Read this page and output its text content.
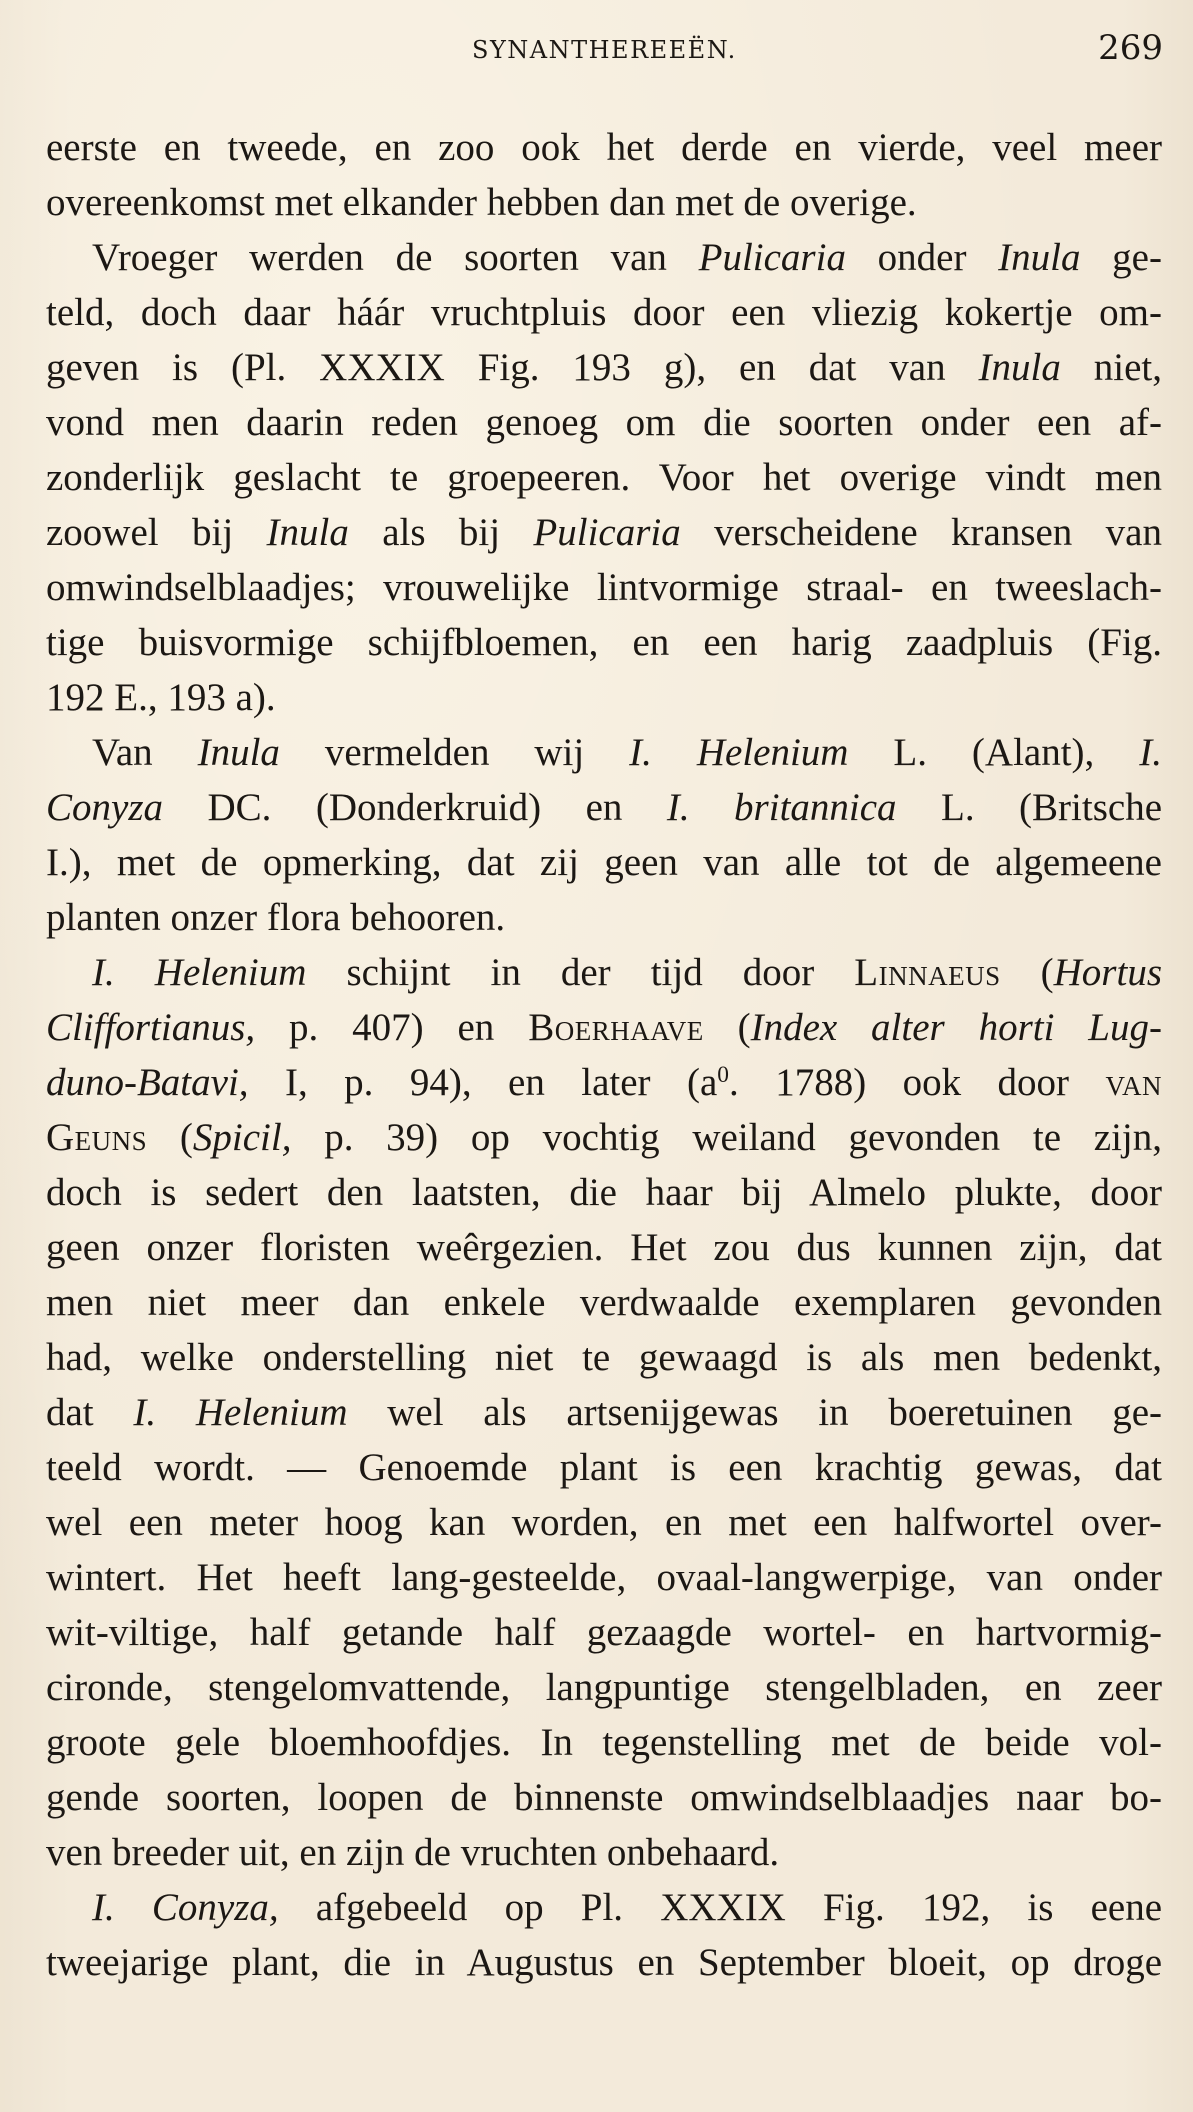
SYNANTHEREEËN.	269
eerste en tweede, en zoo ook het derde en vierde, veel meer
overeenkomst met elkander hebben dan met de overige.
Vroeger werden de soorten van Pulicaria onder Inula ge-
teld, doch daar háár vruchtpluis door een vliezig kokertje om-
geven is (Pl. XXXIX Fig. 193 g), en dat van Inula niet,
vond men daarin reden genoeg om die soorten onder een af-
zonderlijk geslacht te groepeeren. Voor het overige vindt men
zoowel bij Inula als bij Pulicaria verscheidene kransen van
omwindselblaadjes; vrouwelijke lintvormige straal- en tweeslach-
tige buisvormige schijfbloemen, en een harig zaadpluis (Fig.
192 E., 193 a).
Van Inula vermelden wij I. Helenium L. (Alant), I.
Conyza DC. (Donderkruid) en I. britannica L. (Britsche
I.), met de opmerking, dat zij geen van alle tot de algemeene
planten onzer flora behooren.
I. Helenium schijnt in der tijd door Linnaeus (Hortus
Cliffortianus, p. 407) en Boerhaave (Index alter horti Lug-
duno-Batavi, I, p. 94), en later ($a^0$. 1788) ook door van
Geuns (Spicil, p. 39) op vochtig weiland gevonden te zijn,
doch is sedert den laatsten, die haar bij Almelo plukte, door
geen onzer floristen weêrgezien. Het zou dus kunnen zijn, dat
men niet meer dan enkele verdwaalde exemplaren gevonden
had, welke onderstelling niet te gewaagd is als men bedenkt,
dat I. Helenium wel als artsenijgewas in boeretuinen ge-
teeld wordt. — Genoemde plant is een krachtig gewas, dat
wel een meter hoog kan worden, en met een halfwortel over-
wintert. Het heeft lang-gesteelde, ovaal-langwerpige, van onder
wit-viltige, half getande half gezaagde wortel- en hartvormig-
cironde, stengelomvattende, langpuntige stengelbladen, en zeer
groote gele bloemhoofdjes. In tegenstelling met de beide vol-
gende soorten, loopen de binnenste omwindselblaadjes naar bo-
ven breeder uit, en zijn de vruchten onbehaard.
I. Conyza, afgebeeld op Pl. XXXIX Fig. 192, is eene
tweejarige plant, die in Augustus en September bloeit, op droge
